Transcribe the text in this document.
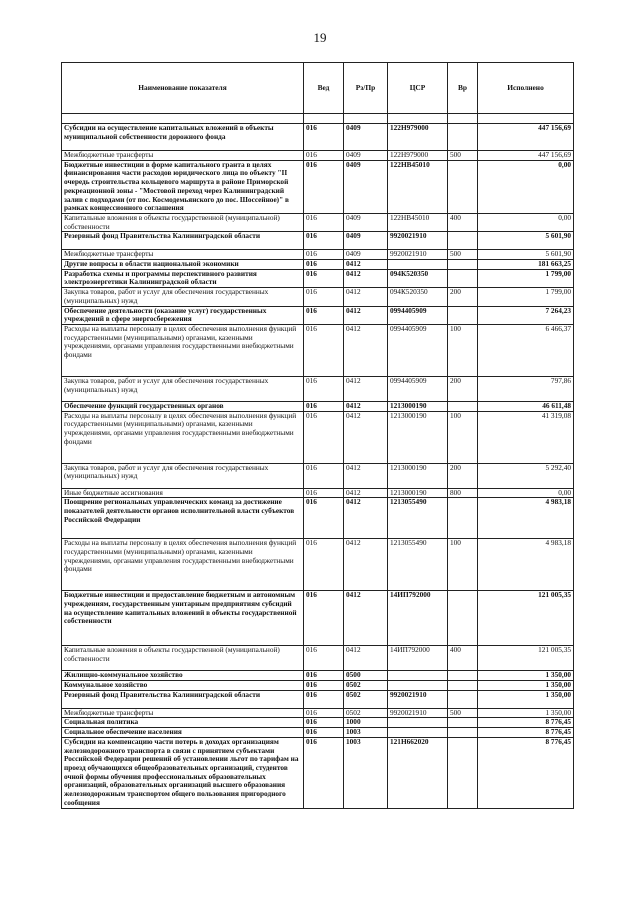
19
Наименование показателя	Вед	Рз/Пр	ЦСР	Вр	Исполнено

Субсидии на осуществление капитальных вложений в объекты муниципальной собственности дорожного фонда	016	0409	122Н979000		447 156,69
Межбюджетные трансферты	016	0409	122Н979000	500	447 156,69
Бюджетные инвестиции в форме капитального гранта в целях финансирования части расходов юридического лица по объекту "II очередь строительства кольцевого маршрута в районе Приморской рекреационной зоны - "Мостовой переход через Калининградский залив с подходами (от пос. Космодемьянского до пос. Шоссейное)" в рамках концессионного соглашения	016	0409	122НВ45010		0,00
Капитальные вложения в объекты государственной (муниципальной) собственности	016	0409	122НВ45010	400	0,00
Резервный фонд Правительства Калининградской области	016	0409	9920021910		5 601,90
Межбюджетные трансферты	016	0409	9920021910	500	5 601,90
Другие вопросы в области национальной экономики	016	0412			181 663,25
Разработка схемы и программы перспективного развития электроэнергетики Калининградской области	016	0412	094К520350		1 799,00
Закупка товаров, работ и услуг для обеспечения государственных (муниципальных) нужд	016	0412	094К520350	200	1 799,00
Обеспечение деятельности (оказание услуг) государственных учреждений в сфере энергосбережения	016	0412	0994405909		7 264,23
Расходы на выплаты персоналу в целях обеспечения выполнения функций государственными (муниципальными) органами, казенными учреждениями, органами управления государственными внебюджетными фондами	016	0412	0994405909	100	6 466,37
Закупка товаров, работ и услуг для обеспечения государственных (муниципальных) нужд	016	0412	0994405909	200	797,86
Обеспечение функций государственных органов	016	0412	1213000190		46 611,48
Расходы на выплаты персоналу в целях обеспечения выполнения функций государственными (муниципальными) органами, казенными учреждениями, органами управления государственными внебюджетными фондами	016	0412	1213000190	100	41 319,08
Закупка товаров, работ и услуг для обеспечения государственных (муниципальных) нужд	016	0412	1213000190	200	5 292,40
Иные бюджетные ассигнования	016	0412	1213000190	800	0,00
Поощрение региональных управленческих команд за достижение показателей деятельности органов исполнительной власти субъектов Российской Федерации	016	0412	1213055490		4 983,18
Расходы на выплаты персоналу в целях обеспечения выполнения функций государственными (муниципальными) органами, казенными учреждениями, органами управления государственными внебюджетными фондами	016	0412	1213055490	100	4 983,18
Бюджетные инвестиции и предоставление бюджетным и автономным учреждениям, государственным унитарным предприятиям субсидий на осуществление капитальных вложений в объекты государственной собственности	016	0412	14ИП792000		121 005,35
Капитальные вложения в объекты государственной (муниципальной) собственности	016	0412	14ИП792000	400	121 005,35
Жилищно-коммунальное хозяйство	016	0500			1 350,00
Коммунальное хозяйство	016	0502			1 350,00
Резервный фонд Правительства Калининградской области	016	0502	9920021910		1 350,00
Межбюджетные трансферты	016	0502	9920021910	500	1 350,00
Социальная политика	016	1000			8 776,45
Социальное обеспечение населения	016	1003			8 776,45
Субсидии на компенсацию части потерь в доходах организациям железнодорожного транспорта в связи с принятием субъектами Российской Федерации решений об установлении льгот по тарифам на проезд обучающихся общеобразовательных организаций, студентов очной формы обучения профессиональных образовательных организаций, образовательных организаций высшего образования железнодорожным транспортом общего пользования пригородного сообщения	016	1003	121Н662020		8 776,45
